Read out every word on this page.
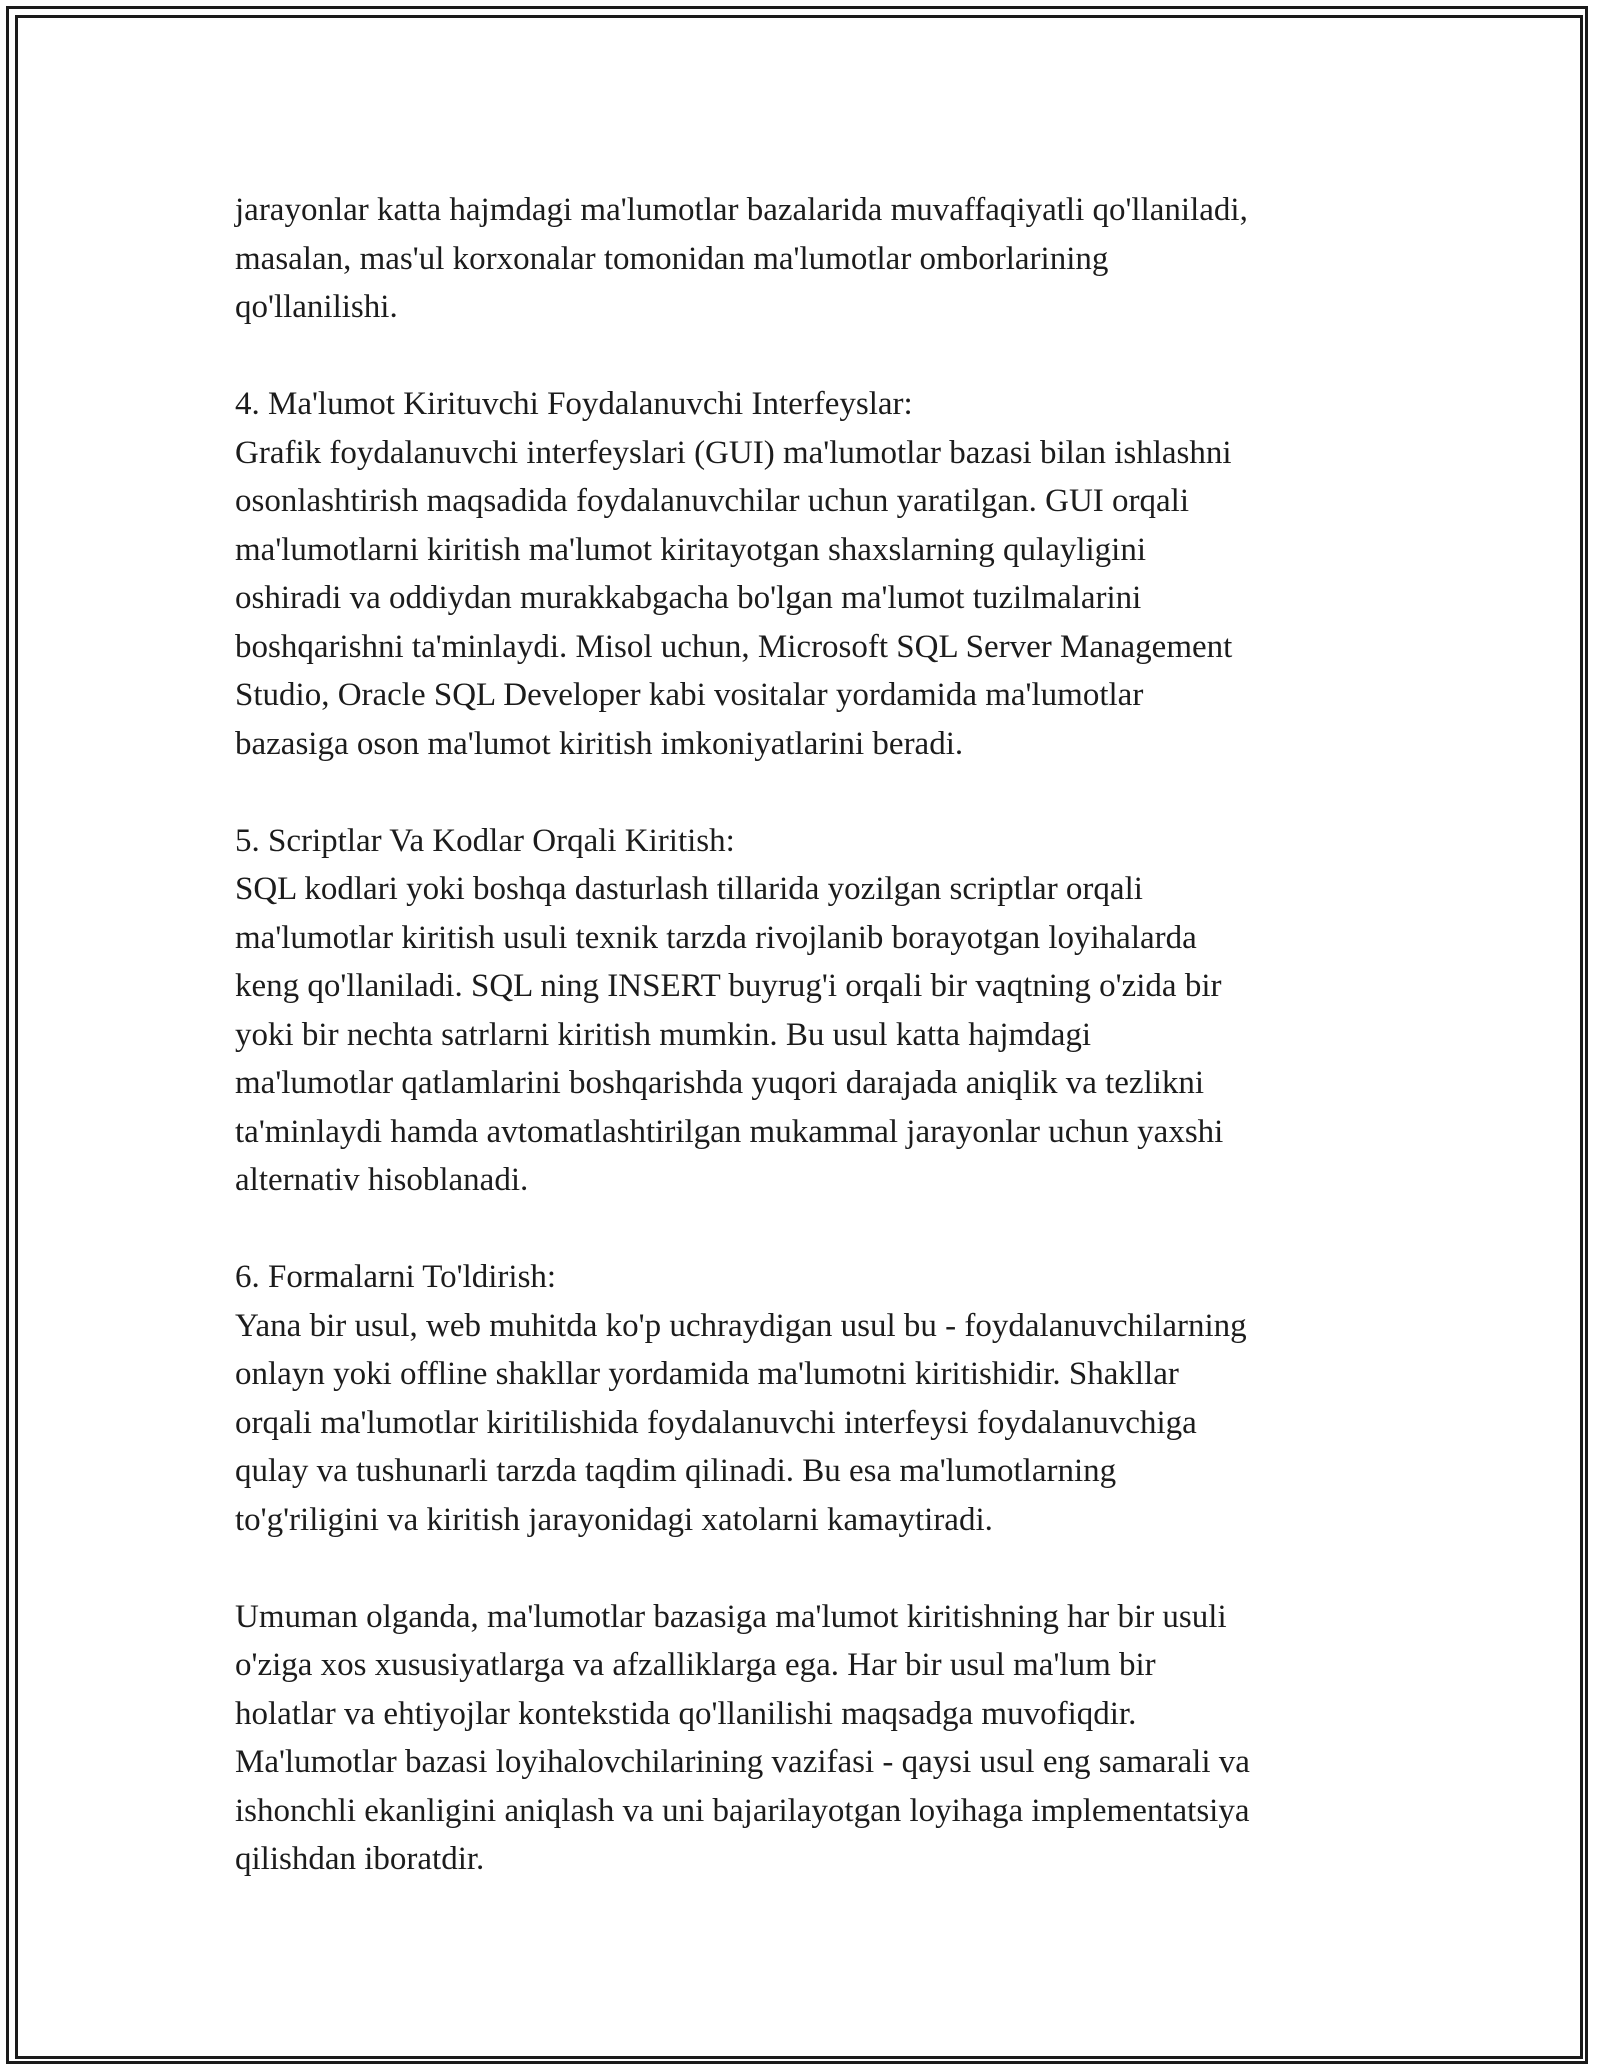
jarayonlar katta hajmdagi ma'lumotlar bazalarida muvaffaqiyatli qo'llaniladi,
masalan, mas'ul korxonalar tomonidan ma'lumotlar omborlarining
qo'llanilishi.

4. Ma'lumot Kirituvchi Foydalanuvchi Interfeyslar:
Grafik foydalanuvchi interfeyslari (GUI) ma'lumotlar bazasi bilan ishlashni
osonlashtirish maqsadida foydalanuvchilar uchun yaratilgan. GUI orqali
ma'lumotlarni kiritish ma'lumot kiritayotgan shaxslarning qulayligini
oshiradi va oddiydan murakkabgacha bo'lgan ma'lumot tuzilmalarini
boshqarishni ta'minlaydi. Misol uchun, Microsoft SQL Server Management
Studio, Oracle SQL Developer kabi vositalar yordamida ma'lumotlar
bazasiga oson ma'lumot kiritish imkoniyatlarini beradi.

5. Scriptlar Va Kodlar Orqali Kiritish:
SQL kodlari yoki boshqa dasturlash tillarida yozilgan scriptlar orqali
ma'lumotlar kiritish usuli texnik tarzda rivojlanib borayotgan loyihalarda
keng qo'llaniladi. SQL ning INSERT buyrug'i orqali bir vaqtning o'zida bir
yoki bir nechta satrlarni kiritish mumkin. Bu usul katta hajmdagi
ma'lumotlar qatlamlarini boshqarishda yuqori darajada aniqlik va tezlikni
ta'minlaydi hamda avtomatlashtirilgan mukammal jarayonlar uchun yaxshi
alternativ hisoblanadi.

6. Formalarni To'ldirish:
Yana bir usul, web muhitda ko'p uchraydigan usul bu - foydalanuvchilarning
onlayn yoki offline shakllar yordamida ma'lumotni kiritishidir. Shakllar
orqali ma'lumotlar kiritilishida foydalanuvchi interfeysi foydalanuvchiga
qulay va tushunarli tarzda taqdim qilinadi. Bu esa ma'lumotlarning
to'g'riligini va kiritish jarayonidagi xatolarni kamaytiradi.

Umuman olganda, ma'lumotlar bazasiga ma'lumot kiritishning har bir usuli
o'ziga xos xususiyatlarga va afzalliklarga ega. Har bir usul ma'lum bir
holatlar va ehtiyojlar kontekstida qo'llanilishi maqsadga muvofiqdir.
Ma'lumotlar bazasi loyihalovchilarining vazifasi - qaysi usul eng samarali va
ishonchli ekanligini aniqlash va uni bajarilayotgan loyihaga implementatsiya
qilishdan iboratdir.
